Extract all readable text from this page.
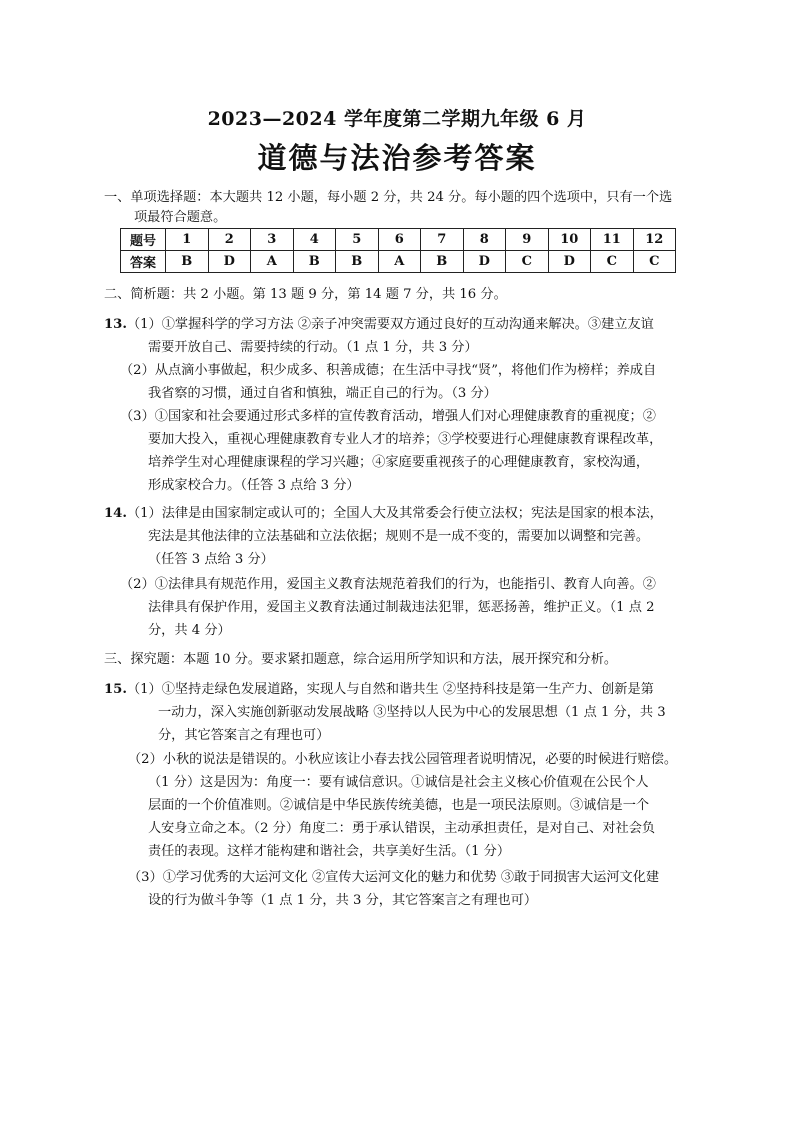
2023—2024 学年度第二学期九年级 6 月
道德与法治参考答案
一、单项选择题：本大题共 12 小题，每小题 2 分，共 24 分。每小题的四个选项中，只有一个选
项最符合题意。
题号	1	2	3	4	5	6	7	8	9	10	11	12
答案	B	D	A	B	B	A	B	D	C	D	C	C
二、简析题：共 2 小题。第 13 题 9 分，第 14 题 7 分，共 16 分。
13.（1）①掌握科学的学习方法 ②亲子冲突需要双方通过良好的互动沟通来解决。③建立友谊
需要开放自己、需要持续的行动。（1 点 1 分，共 3 分）
（2）从点滴小事做起，积少成多、积善成德；在生活中寻找“贤”，将他们作为榜样；养成自
我省察的习惯，通过自省和慎独，端正自己的行为。（3 分）
（3）①国家和社会要通过形式多样的宣传教育活动，增强人们对心理健康教育的重视度；②
要加大投入，重视心理健康教育专业人才的培养；③学校要进行心理健康教育课程改革，
培养学生对心理健康课程的学习兴趣；④家庭要重视孩子的心理健康教育，家校沟通，
形成家校合力。（任答 3 点给 3 分）
14.（1）法律是由国家制定或认可的；全国人大及其常委会行使立法权；宪法是国家的根本法，
宪法是其他法律的立法基础和立法依据；规则不是一成不变的，需要加以调整和完善。
（任答 3 点给 3 分）
（2）①法律具有规范作用，爱国主义教育法规范着我们的行为，也能指引、教育人向善。②
法律具有保护作用，爱国主义教育法通过制裁违法犯罪，惩恶扬善，维护正义。（1 点 2
分，共 4 分）
三、探究题：本题 10 分。要求紧扣题意，综合运用所学知识和方法，展开探究和分析。
15.（1）①坚持走绿色发展道路，实现人与自然和谐共生 ②坚持科技是第一生产力、创新是第
一动力，深入实施创新驱动发展战略 ③坚持以人民为中心的发展思想（1 点 1 分，共 3
分，其它答案言之有理也可）
（2）小秋的说法是错误的。小秋应该让小春去找公园管理者说明情况，必要的时候进行赔偿。
（1 分）这是因为：角度一：要有诚信意识。①诚信是社会主义核心价值观在公民个人
层面的一个价值准则。②诚信是中华民族传统美德，也是一项民法原则。③诚信是一个
人安身立命之本。（2 分）角度二：勇于承认错误，主动承担责任，是对自己、对社会负
责任的表现。这样才能构建和谐社会，共享美好生活。（1 分）
（3）①学习优秀的大运河文化 ②宣传大运河文化的魅力和优势 ③敢于同损害大运河文化建
设的行为做斗争等（1 点 1 分，共 3 分，其它答案言之有理也可）
